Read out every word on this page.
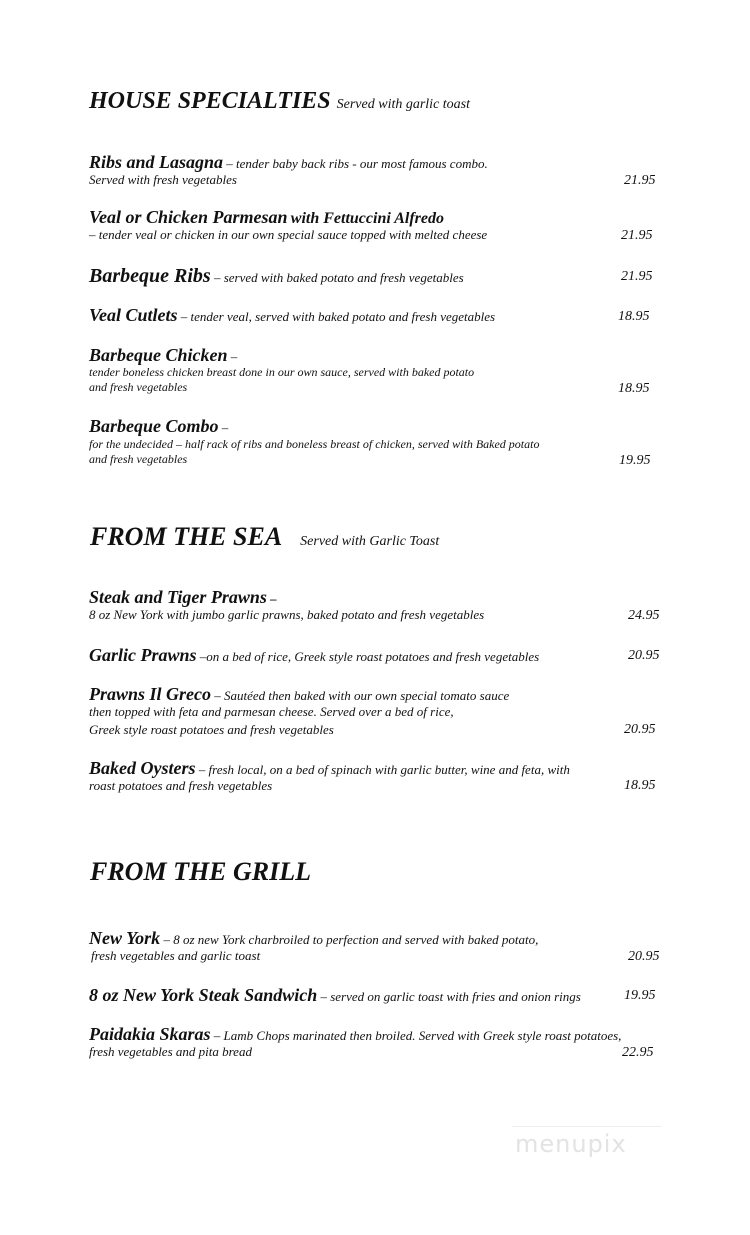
HOUSE SPECIALTIES Served with garlic toast
Ribs and Lasagna – tender baby back ribs - our most famous combo.
Served with fresh vegetables	21.95
Veal or Chicken Parmesan with Fettuccini Alfredo
– tender veal or chicken in our own special sauce topped with melted cheese	21.95
Barbeque Ribs – served with baked potato and fresh vegetables	21.95
Veal Cutlets – tender veal, served with baked potato and fresh vegetables	18.95
Barbeque Chicken –
tender boneless chicken breast done in our own sauce, served with baked potato
and fresh vegetables	18.95
Barbeque Combo –
for the undecided – half rack of ribs and boneless breast of chicken, served with Baked potato
and fresh vegetables	19.95
FROM THE SEA Served with Garlic Toast
Steak and Tiger Prawns –
8 oz New York with jumbo garlic prawns, baked potato and fresh vegetables	24.95
Garlic Prawns –on a bed of rice, Greek style roast potatoes and fresh vegetables	20.95
Prawns Il Greco – Sautéed then baked with our own special tomato sauce
then topped with feta and parmesan cheese. Served over a bed of rice,
Greek style roast potatoes and fresh vegetables	20.95
Baked Oysters – fresh local, on a bed of spinach with garlic butter, wine and feta, with
roast potatoes and fresh vegetables	18.95
FROM THE GRILL
New York – 8 oz new York charbroiled to perfection and served with baked potato,
fresh vegetables and garlic toast	20.95
8 oz New York Steak Sandwich – served on garlic toast with fries and onion rings	19.95
Paidakia Skaras – Lamb Chops marinated then broiled. Served with Greek style roast potatoes,
fresh vegetables and pita bread	22.95
menupix
